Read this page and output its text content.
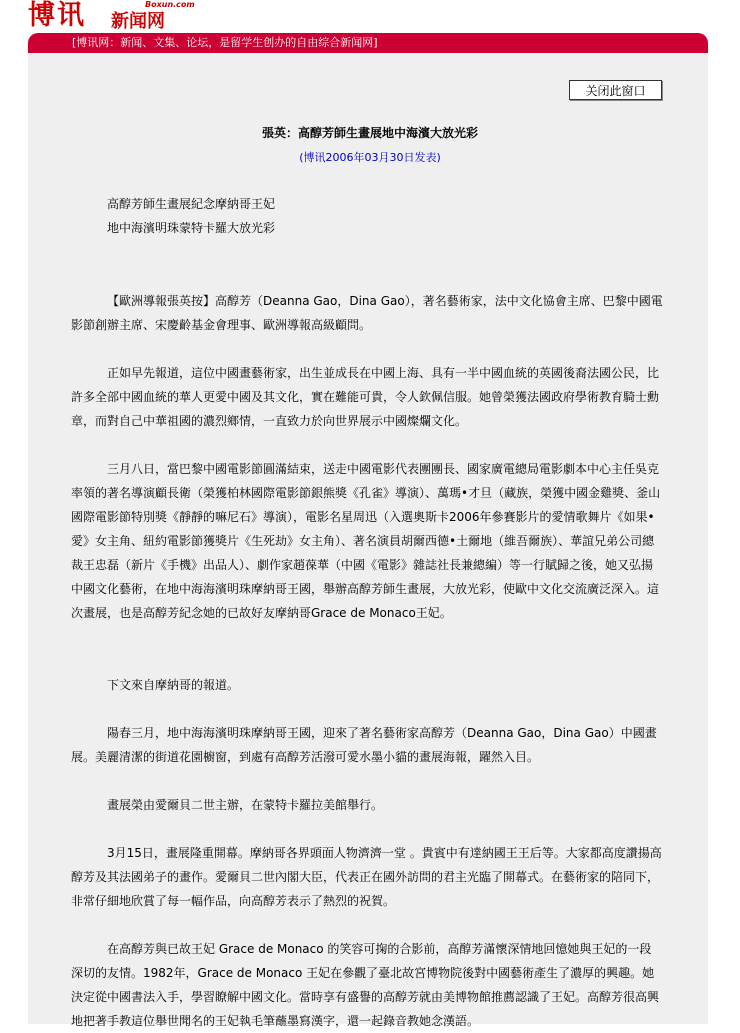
博讯	Boxun.com
新闻网
[博讯网：新闻、文集、论坛，是留学生创办的自由综合新闻网]
关闭此窗口
張英：高醇芳師生畫展地中海濱大放光彩
(博讯2006年03月30日发表)

高醇芳師生畫展紀念摩納哥王妃

地中海濱明珠蒙特卡羅大放光彩

【歐洲導報張英按】高醇芳（Deanna Gao，Dina Gao），著名藝術家，法中文化協會主席、巴黎中國電影節創辦主席、宋慶齡基金會理事、歐洲導報高級顧問。

正如早先報道，這位中國畫藝術家，出生並成長在中國上海、具有一半中國血統的英國後裔法國公民，比許多全部中國血統的華人更愛中國及其文化，實在難能可貴，令人欽佩信服。她曾榮獲法國政府學術教育騎士勳章，而對自己中華祖國的濃烈鄉情，一直致力於向世界展示中國燦爛文化。

三月八日，當巴黎中國電影節圓滿結束，送走中國電影代表團團長、國家廣電總局電影劇本中心主任吳克率領的著名導演顧長衛（榮獲柏林國際電影節銀熊獎《孔雀》導演）、萬瑪•才旦（藏族，榮獲中國金雞獎、釜山國際電影節特別獎《靜靜的嘛尼石》導演），電影名星周迅（入選奧斯卡2006年參賽影片的愛情歌舞片《如果•愛》女主角、紐約電影節獲獎片《生死劫》女主角）、著名演員胡爾西德•土爾地（維吾爾族）、華誼兄弟公司總裁王忠磊（新片《手機》出品人）、劇作家趙葆華（中國《電影》雜誌社長兼總編）等一行賦歸之後，她又弘揚中國文化藝術，在地中海海濱明珠摩納哥王國，舉辦高醇芳師生畫展，大放光彩，使歐中文化交流廣泛深入。這次畫展，也是高醇芳紀念她的已故好友摩納哥Grace de Monaco王妃。

下文來自摩納哥的報道。

陽春三月，地中海海濱明珠摩納哥王國，迎來了著名藝術家高醇芳（Deanna Gao，Dina Gao）中國畫展。美麗清潔的街道花園櫥窗，到處有高醇芳活潑可愛水墨小貓的畫展海報，躍然入目。

畫展榮由愛爾貝二世主辦，在蒙特卡羅拉美館舉行。

3月15日，畫展隆重開幕。摩納哥各界頭面人物濟濟一堂 。貴賓中有達納國王王后等。大家都高度讚揚高醇芳及其法國弟子的畫作。愛爾貝二世內閣大臣，代表正在國外訪問的君主光臨了開幕式。在藝術家的陪同下，非常仔細地欣賞了每一幅作品，向高醇芳表示了熱烈的祝賀。

在高醇芳與已故王妃 Grace de Monaco 的笑容可掬的合影前，高醇芳滿懷深情地回憶她與王妃的一段深切的友情。1982年，Grace de Monaco 王妃在參觀了臺北故宮博物院後對中國藝術產生了濃厚的興趣。她決定從中國書法入手，學習瞭解中國文化。當時享有盛譽的高醇芳就由美博物館推薦認識了王妃。高醇芳很高興地把著手教這位舉世聞名的王妃執毛筆蘸墨寫漢字，還一起錄音教她念漢語。
